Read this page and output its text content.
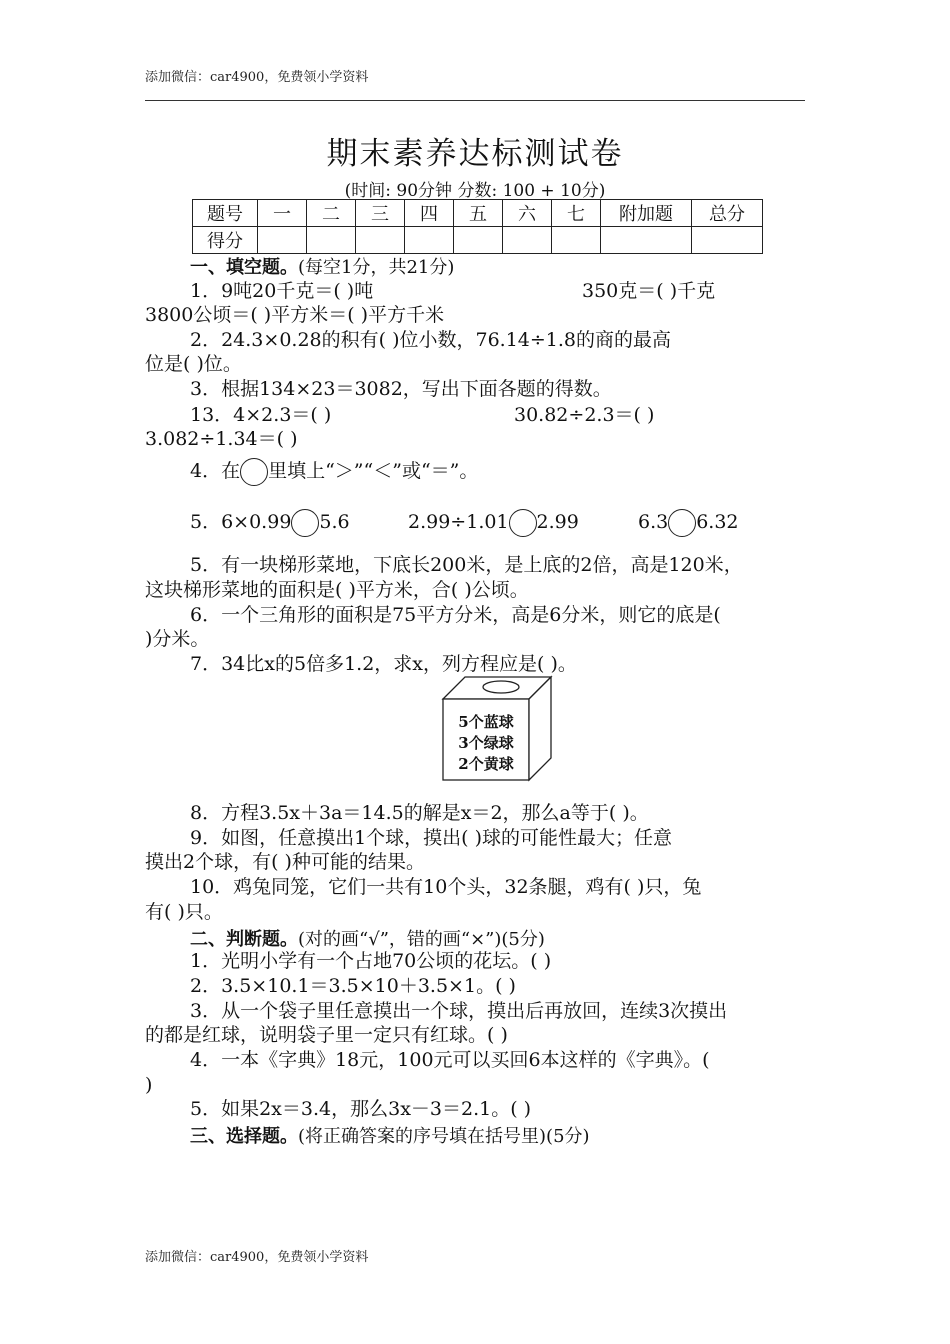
添加微信：car4900，免费领小学资料
期末素养达标测试卷
(时间: 90分钟 分数: 100 + 10分)
题号	一	二	三	四	五	六	七	附加题	总分
得分									
一、填空题。(每空1分，共21分)
1．9吨20千克＝( )吨	350克＝( )千克
3800公顷＝( )平方米＝( )平方千米
2．24.3×0.28的积有( )位小数，76.14÷1.8的商的最高
位是( )位。
3．根据134×23＝3082，写出下面各题的得数。
13．4×2.3＝( )	30.82÷2.3＝( )
3.082÷1.34＝( )
4．在 里填上“＞”“＜”或“＝”。
5．6×0.99 5.6	2.99÷1.01 2.99	6.3 6.32
5．有一块梯形菜地，下底长200米，是上底的2倍，高是120米，
这块梯形菜地的面积是( )平方米，合( )公顷。
6．一个三角形的面积是75平方分米，高是6分米，则它的底是(
)分米。
7．34比x的5倍多1.2，求x，列方程应是( )。
5个蓝球
3个绿球
2个黄球
8．方程3.5x＋3a＝14.5的解是x＝2，那么a等于( )。
9．如图，任意摸出1个球，摸出( )球的可能性最大；任意
摸出2个球，有( )种可能的结果。
10．鸡兔同笼，它们一共有10个头，32条腿，鸡有( )只，兔
有( )只。
二、判断题。(对的画“√”，错的画“×”)(5分)
1．光明小学有一个占地70公顷的花坛。( )
2．3.5×10.1＝3.5×10＋3.5×1。( )
3．从一个袋子里任意摸出一个球，摸出后再放回，连续3次摸出
的都是红球，说明袋子里一定只有红球。( )
4．一本《字典》18元，100元可以买回6本这样的《字典》。(
)
5．如果2x＝3.4，那么3x－3＝2.1。( )
三、选择题。(将正确答案的序号填在括号里)(5分)
添加微信：car4900，免费领小学资料
